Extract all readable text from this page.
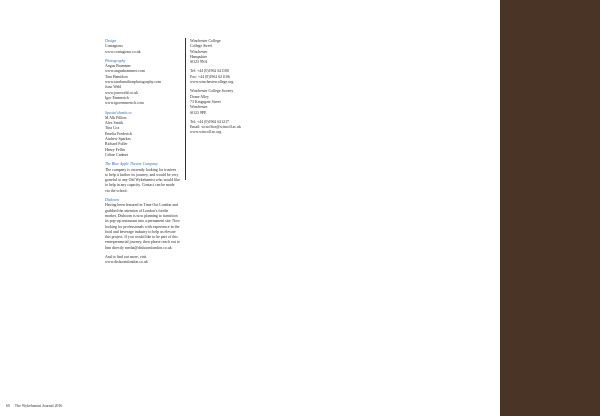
Design
Contagious
www.contagious.co.uk
Photography
Angus Brammer
www.angusbrammer.com
Tara Hamilton
www.tarahamiltonphotography.com
Jono Wehl
www.jonowehl.co.uk
Igor Emmerich
www.igoremmerich.com
Special thanks to
M Alk Fillion
Alex Smith
Tina Cox
Emelia Frederick
Andrew Sparkes
Richard Fuller
Henry Fellin
Celine Cadmet
The Blue Apple Theatre Company
The company is currently looking for trustees to help it further its journey, and would be very grateful to any Old Wykehamist who would like to help in any capacity. Contact can be made via the school.
Dishoom
Having been featured in Time Out London and grabbed the attention of London's foodie market, Dishoom is now planning to transition its pop-up restaurant into a permanent site. Now looking for professionals with experience in the food and beverage industry to help us elevate this project. If you would like to be part of this entrepreneurial journey, then please reach out to him directly media@dishoomlondon.co.uk
And to find out more, visit www.dishoomlondon.co.uk
Winchester College
College Street
Winchester
Hampshire
SO23 9NA
Tel: +44 (0)1962 621100
Fax: +44 (0)1962 621106
www.winchestercollege.org
Winchester College Society
Dome Alley
73 Kingsgate Street
Winchester
SO23 9PE
Tel: +44 (0)1962 621217
Email: wcsoffice@wincoll.ac.uk
www.wincoll.ac.org
60 The Wykehamist Journal 2016
